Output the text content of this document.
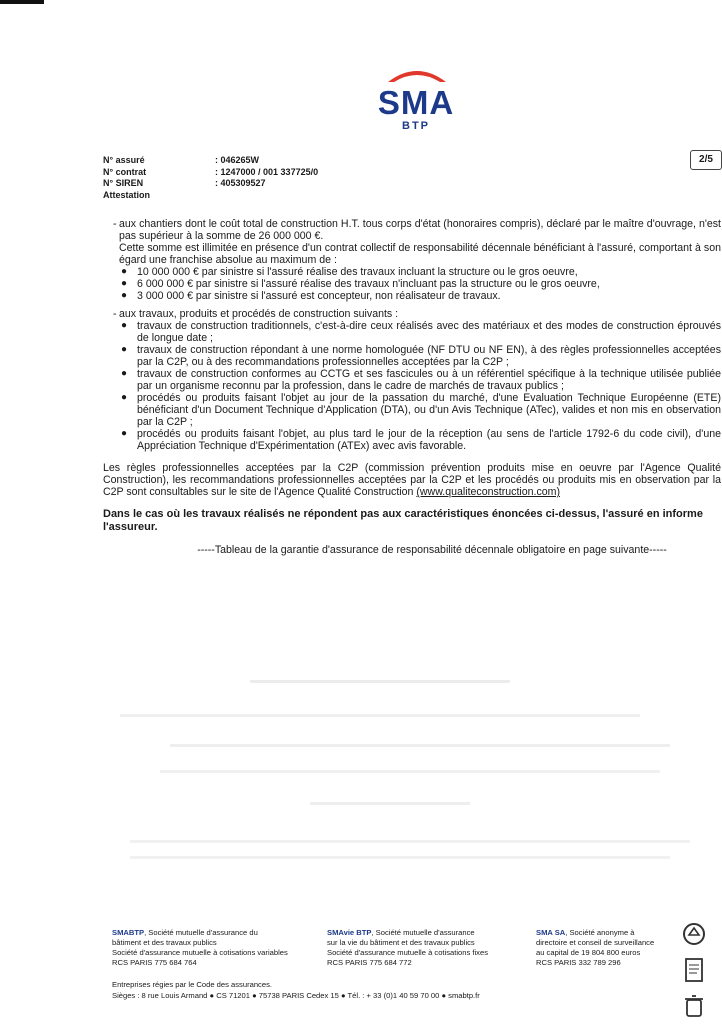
SMA
BTP
N° assuré	: 046265W
N° contrat	: 1247000 / 001 337725/0
N° SIREN	: 405309527
Attestation
2/5
- aux chantiers dont le coût total de construction H.T. tous corps d'état (honoraires compris), déclaré par le maître d'ouvrage, n'est pas supérieur à la somme de 26 000 000 €.
Cette somme est illimitée en présence d'un contrat collectif de responsabilité décennale bénéficiant à l'assuré, comportant à son égard une franchise absolue au maximum de :
● 10 000 000 € par sinistre si l'assuré réalise des travaux incluant la structure ou le gros oeuvre,
● 6 000 000 € par sinistre si l'assuré réalise des travaux n'incluant pas la structure ou le gros oeuvre,
● 3 000 000 € par sinistre si l'assuré est concepteur, non réalisateur de travaux.
- aux travaux, produits et procédés de construction suivants :
● travaux de construction traditionnels, c'est-à-dire ceux réalisés avec des matériaux et des modes de construction éprouvés de longue date ;
● travaux de construction répondant à une norme homologuée (NF DTU ou NF EN), à des règles professionnelles acceptées par la C2P, ou à des recommandations professionnelles acceptées par la C2P ;
● travaux de construction conformes au CCTG et ses fascicules ou à un référentiel spécifique à la technique utilisée publiée par un organisme reconnu par la profession, dans le cadre de marchés de travaux publics ;
● procédés ou produits faisant l'objet au jour de la passation du marché, d'une Evaluation Technique Européenne (ETE) bénéficiant d'un Document Technique d'Application (DTA), ou d'un Avis Technique (ATec), valides et non mis en observation par la C2P ;
● procédés ou produits faisant l'objet, au plus tard le jour de la réception (au sens de l'article 1792-6 du code civil), d'une Appréciation Technique d'Expérimentation (ATEx) avec avis favorable.
Les règles professionnelles acceptées par la C2P (commission prévention produits mise en oeuvre par l'Agence Qualité Construction), les recommandations professionnelles acceptées par la C2P et les procédés ou produits mis en observation par la C2P sont consultables sur le site de l'Agence Qualité Construction (www.qualiteconstruction.com)
Dans le cas où les travaux réalisés ne répondent pas aux caractéristiques énoncées ci-dessus, l'assuré en informe l'assureur.
-----Tableau de la garantie d'assurance de responsabilité décennale obligatoire en page suivante-----
SMABTP, Société mutuelle d'assurance du
bâtiment et des travaux publics
Société d'assurance mutuelle à cotisations variables
RCS PARIS 775 684 764
SMAvie BTP, Société mutuelle d'assurance
sur la vie du bâtiment et des travaux publics
Société d'assurance mutuelle à cotisations fixes
RCS PARIS 775 684 772
SMA SA, Société anonyme à
directoire et conseil de surveillance
au capital de 19 804 800 euros
RCS PARIS 332 789 296
Entreprises régies par le Code des assurances.
Sièges : 8 rue Louis Armand ● CS 71201 ● 75738 PARIS Cedex 15 ● Tél. : + 33 (0)1 40 59 70 00 ● smabtp.fr
